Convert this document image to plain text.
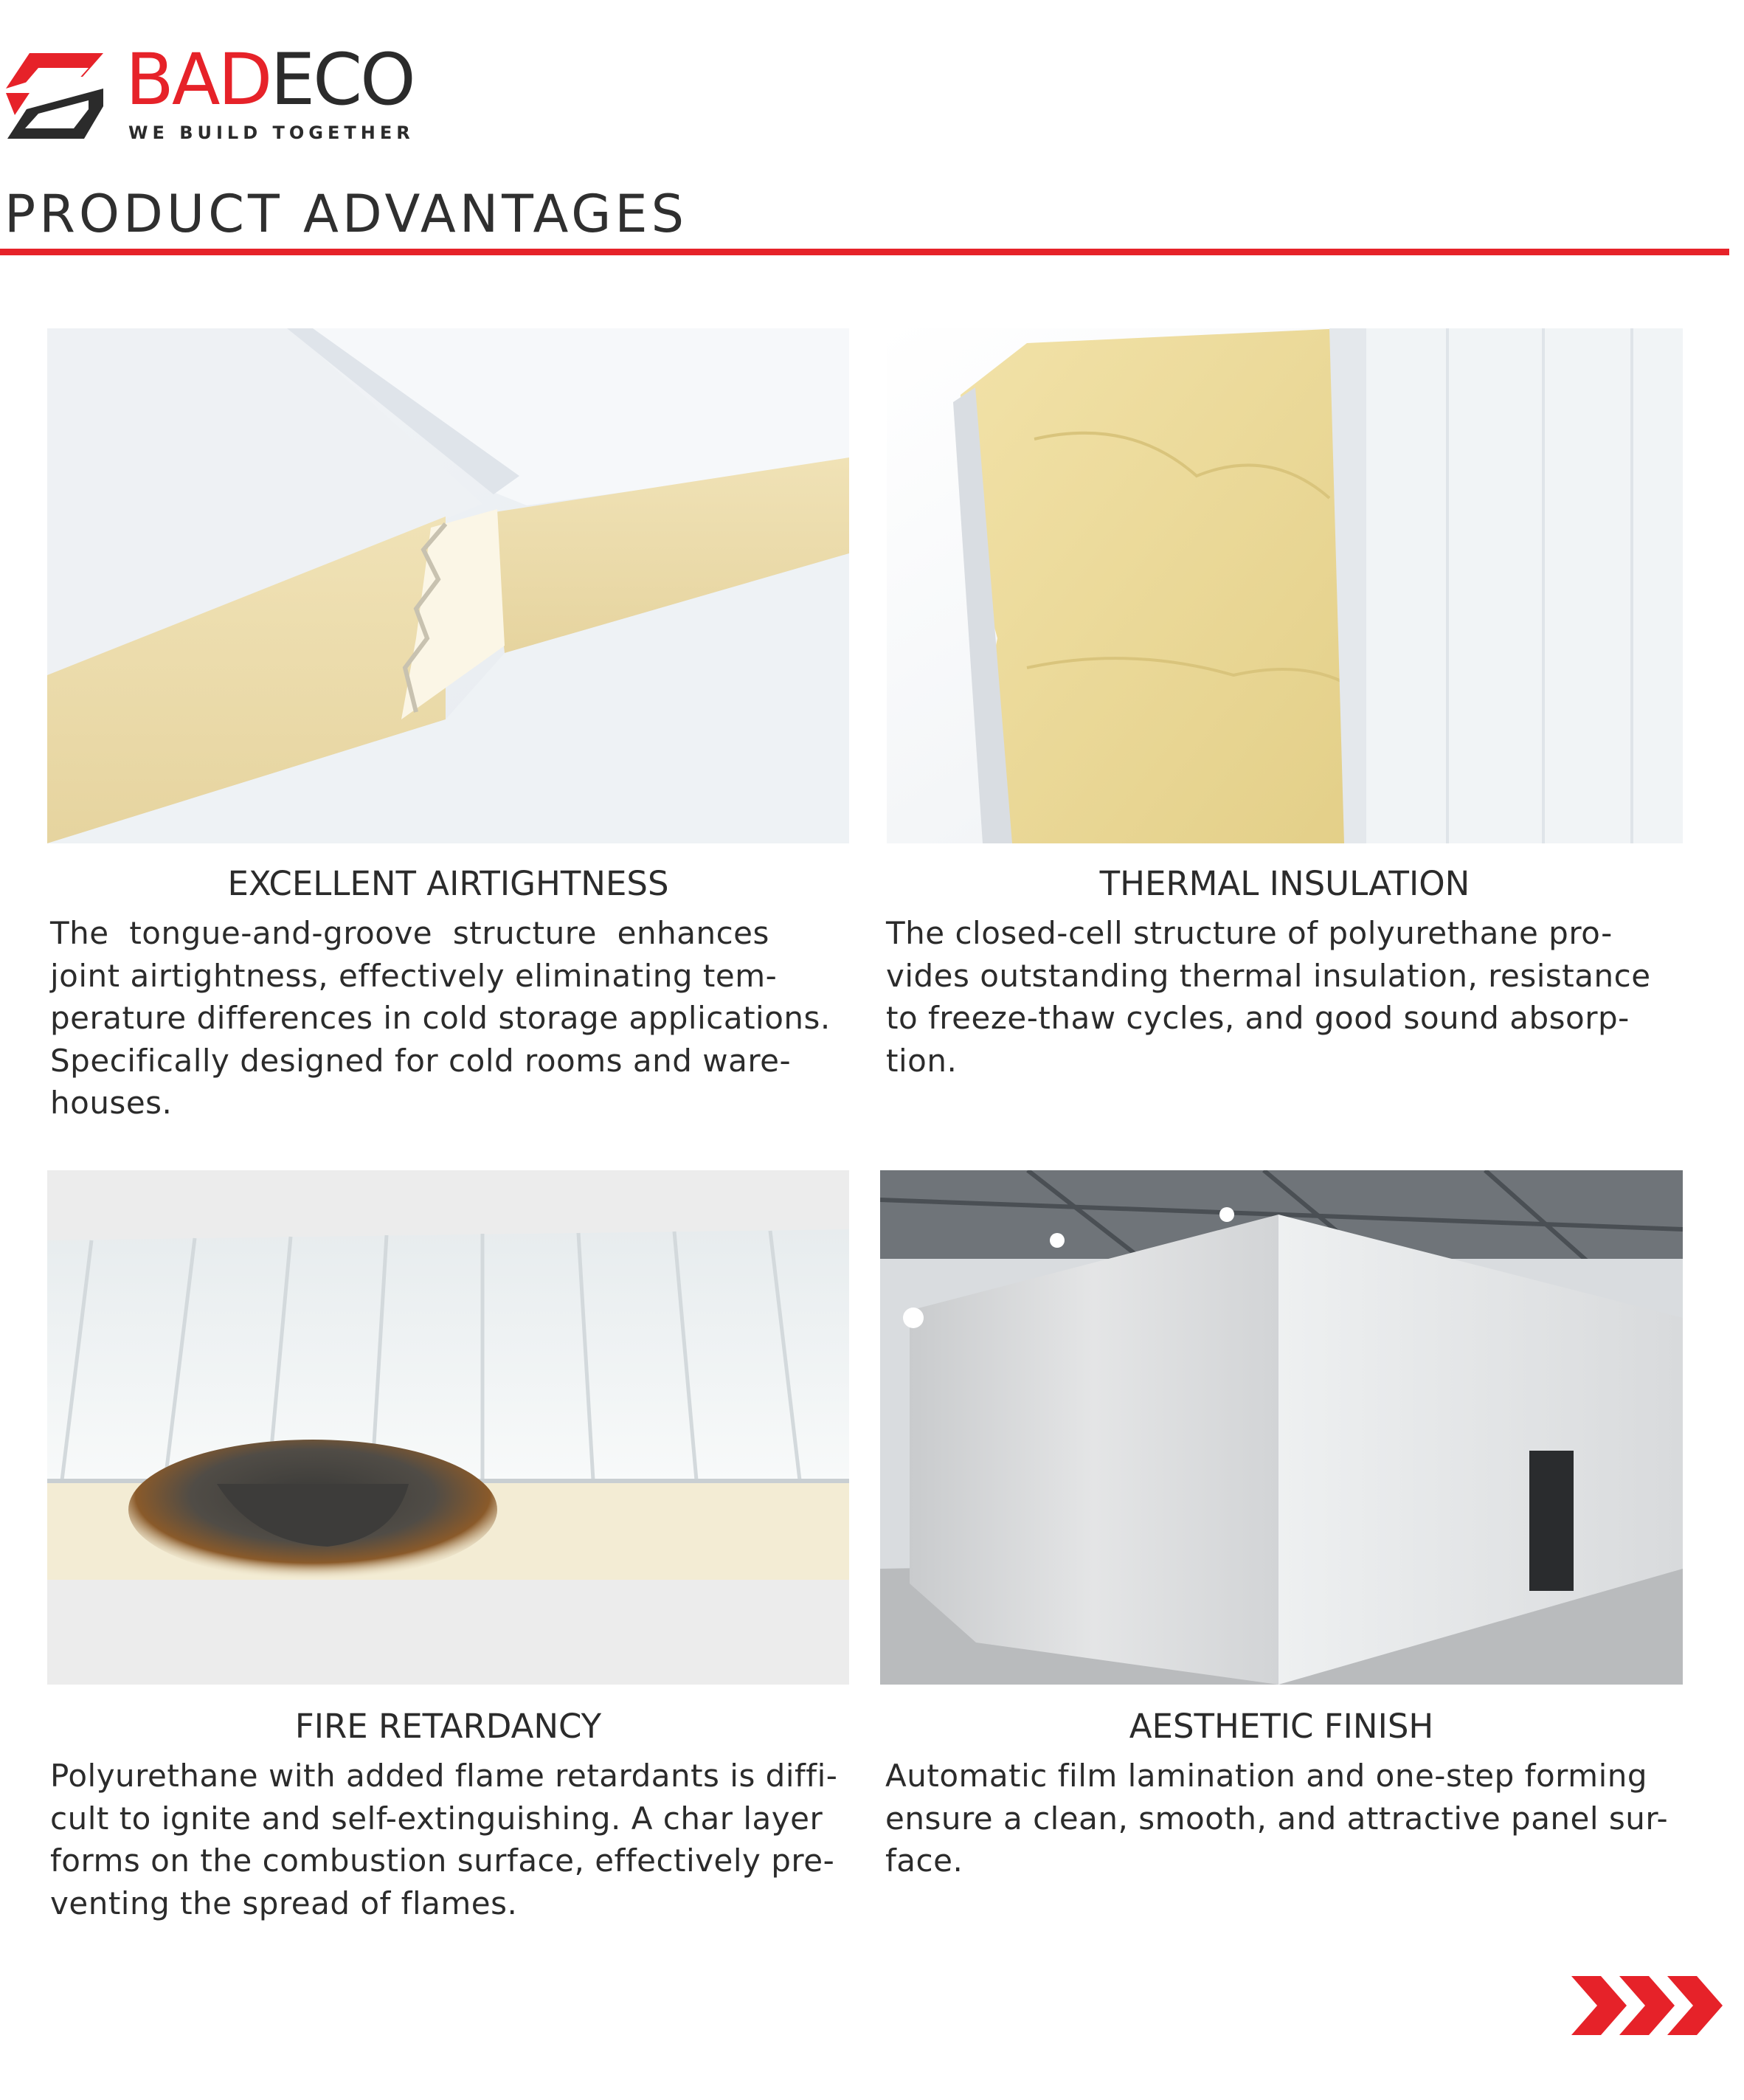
BADECO
WE BUILD TOGETHER
PRODUCT ADVANTAGES
EXCELLENT AIRTIGHTNESS
The  tongue-and-groove  structure  enhances
joint airtightness, effectively eliminating tem-
perature differences in cold storage applications.
Specifically designed for cold rooms and ware-
houses.
THERMAL INSULATION
The closed-cell structure of polyurethane pro-
vides outstanding thermal insulation, resistance
to freeze-thaw cycles, and good sound absorp-
tion.
FIRE RETARDANCY
Polyurethane with added flame retardants is diffi-
cult to ignite and self-extinguishing. A char layer
forms on the combustion surface, effectively pre-
venting the spread of flames.
AESTHETIC FINISH
Automatic film lamination and one-step forming
ensure a clean, smooth, and attractive panel sur-
face.
